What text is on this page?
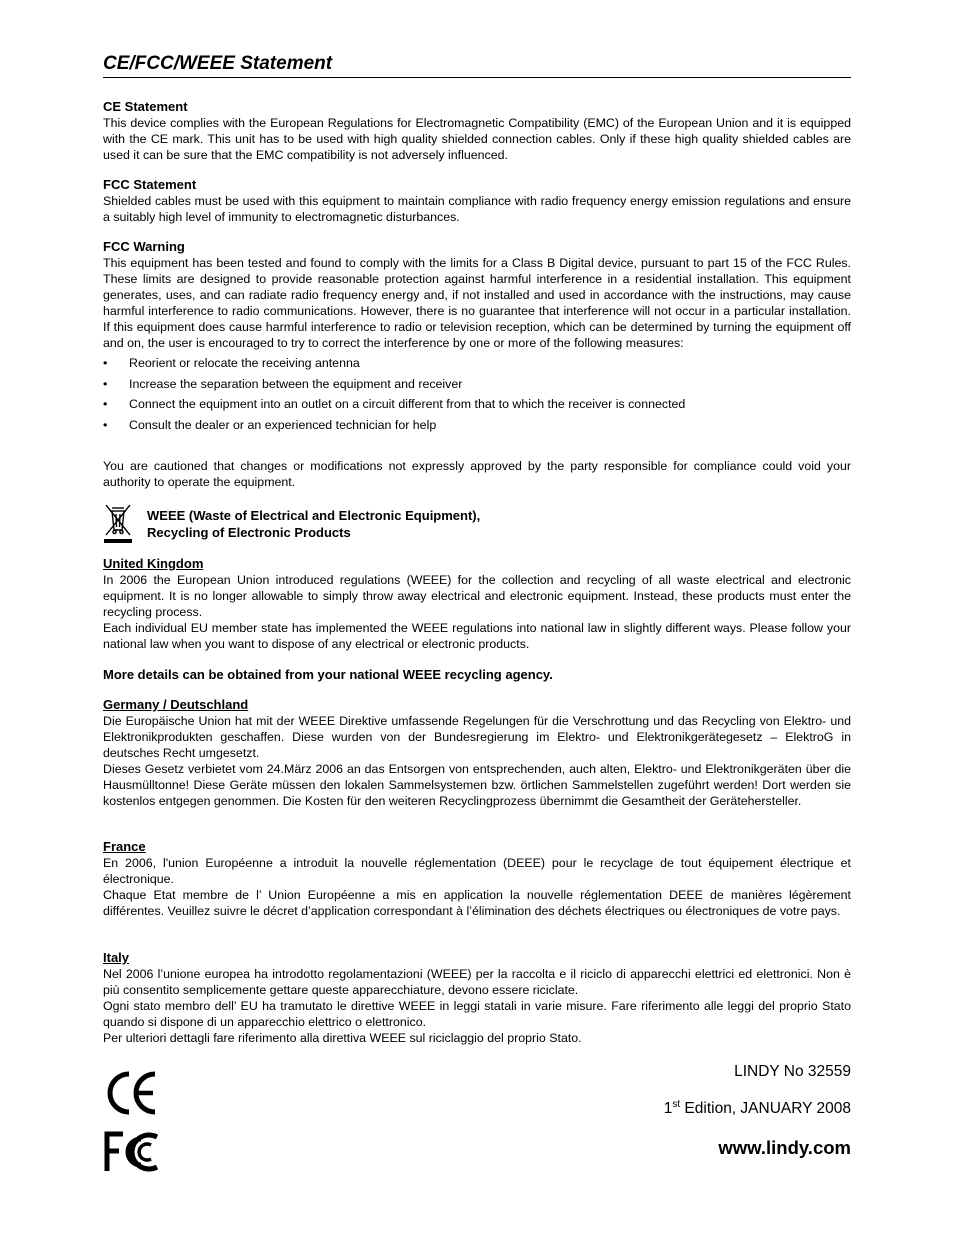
CE/FCC/WEEE Statement
CE Statement

This device complies with the European Regulations for Electromagnetic Compatibility (EMC) of the European Union and it is equipped with the CE mark. This unit has to be used with high quality shielded connection cables. Only if these high quality shielded cables are used it can be sure that the EMC compatibility is not adversely influenced.

FCC Statement

Shielded cables must be used with this equipment to maintain compliance with radio frequency energy emission regulations and ensure a suitably high level of immunity to electromagnetic disturbances.

FCC Warning

This equipment has been tested and found to comply with the limits for a Class B Digital device, pursuant to part 15 of the FCC Rules. These limits are designed to provide reasonable protection against harmful interference in a residential installation. This equipment generates, uses, and can radiate radio frequency energy and, if not installed and used in accordance with the instructions, may cause harmful interference to radio communications. However, there is no guarantee that interference will not occur in a particular installation. If this equipment does cause harmful interference to radio or television reception, which can be determined by turning the equipment off and on, the user is encouraged to try to correct the interference by one or more of the following measures:

• Reorient or relocate the receiving antenna
• Increase the separation between the equipment and receiver
• Connect the equipment into an outlet on a circuit different from that to which the receiver is connected
• Consult the dealer or an experienced technician for help

You are cautioned that changes or modifications not expressly approved by the party responsible for compliance could void your authority to operate the equipment.

WEEE (Waste of Electrical and Electronic Equipment),
Recycling of Electronic Products
United Kingdom

In 2006 the European Union introduced regulations (WEEE) for the collection and recycling of all waste electrical and electronic equipment. It is no longer allowable to simply throw away electrical and electronic equipment. Instead, these products must enter the recycling process.

Each individual EU member state has implemented the WEEE regulations into national law in slightly different ways. Please follow your national law when you want to dispose of any electrical or electronic products.

More details can be obtained from your national WEEE recycling agency.
Germany / Deutschland

Die Europäische Union hat mit der WEEE Direktive umfassende Regelungen für die Verschrottung und das Recycling von Elektro- und Elektronikprodukten geschaffen. Diese wurden von der Bundesregierung im Elektro- und Elektronikgerätegesetz – ElektroG in deutsches Recht umgesetzt.

Dieses Gesetz verbietet vom 24.März 2006 an das Entsorgen von entsprechenden, auch alten, Elektro- und Elektronikgeräten über die Hausmülltonne! Diese Geräte müssen den lokalen Sammelsystemen bzw. örtlichen Sammelstellen zugeführt werden! Dort werden sie kostenlos entgegen genommen. Die Kosten für den weiteren Recyclingprozess übernimmt die Gesamtheit der Gerätehersteller.

France

En 2006, l'union Européenne a introduit la nouvelle réglementation (DEEE) pour le recyclage de tout équipement électrique et électronique.

Chaque Etat membre de l’ Union Européenne a mis en application la nouvelle réglementation DEEE de manières légèrement différentes. Veuillez suivre le décret d’application correspondant à l’élimination des déchets électriques ou électroniques de votre pays.

Italy

Nel 2006 l’unione europea ha introdotto regolamentazioni (WEEE) per la raccolta e il riciclo di apparecchi elettrici ed elettronici. Non è più consentito semplicemente gettare queste apparecchiature, devono essere riciclate.

Ogni stato membro dell’ EU ha tramutato le direttive WEEE in leggi statali in varie misure. Fare riferimento alle leggi del proprio Stato quando si dispone di un apparecchio elettrico o elettronico.

Per ulteriori dettagli fare riferimento alla direttiva WEEE sul riciclaggio del proprio Stato.

LINDY No 32559
1st Edition, JANUARY 2008
www.lindy.com
